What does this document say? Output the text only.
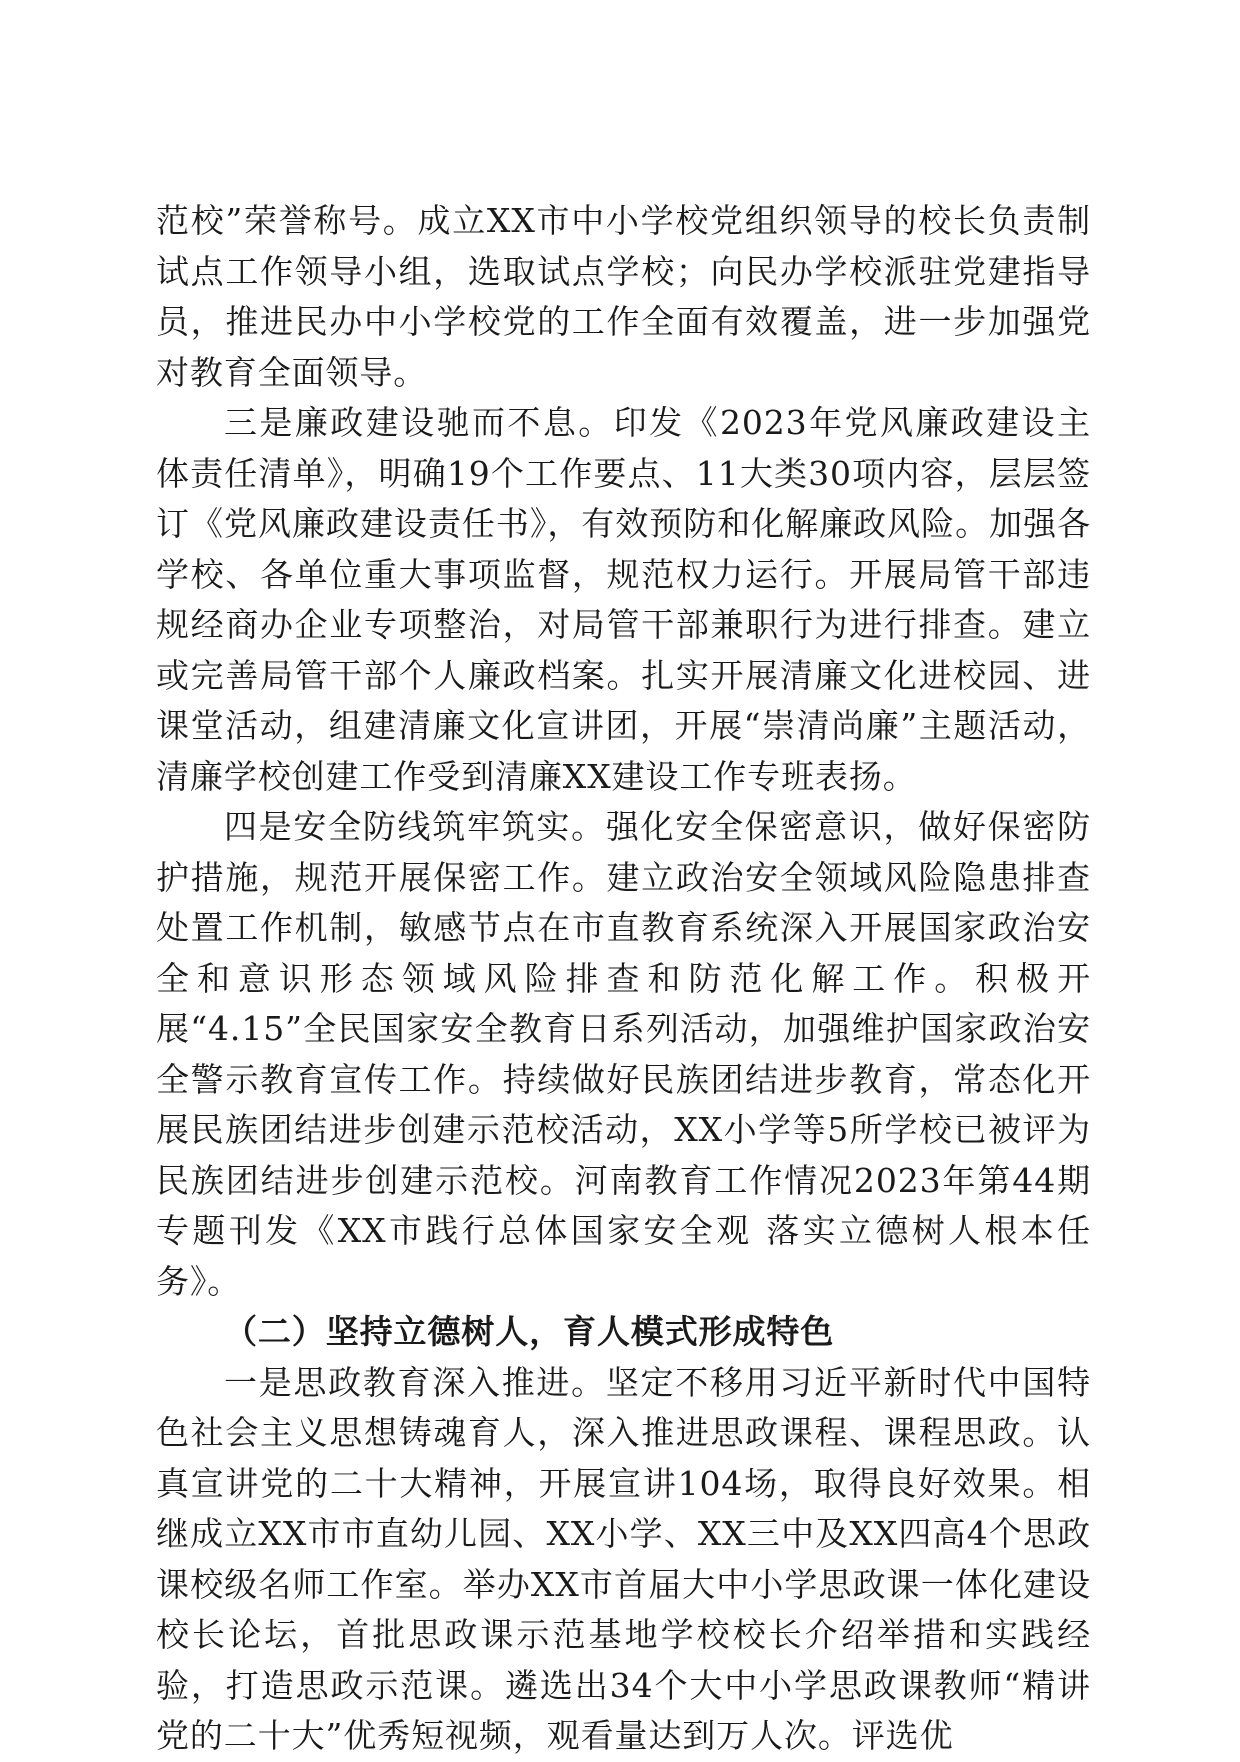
范校”荣誉称号。成立XX市中小学校党组织领导的校长负责制试点工作领导小组，选取试点学校；向民办学校派驻党建指导员，推进民办中小学校党的工作全面有效覆盖，进一步加强党对教育全面领导。

三是廉政建设驰而不息。印发《2023年党风廉政建设主体责任清单》，明确19个工作要点、11大类30项内容，层层签订《党风廉政建设责任书》，有效预防和化解廉政风险。加强各学校、各单位重大事项监督，规范权力运行。开展局管干部违规经商办企业专项整治，对局管干部兼职行为进行排查。建立或完善局管干部个人廉政档案。扎实开展清廉文化进校园、进课堂活动，组建清廉文化宣讲团，开展“崇清尚廉”主题活动，清廉学校创建工作受到清廉XX建设工作专班表扬。

四是安全防线筑牢筑实。强化安全保密意识，做好保密防护措施，规范开展保密工作。建立政治安全领域风险隐患排查处置工作机制，敏感节点在市直教育系统深入开展国家政治安全和意识形态领域风险排查和防范化解工作。积极开展“4.15”全民国家安全教育日系列活动，加强维护国家政治安全警示教育宣传工作。持续做好民族团结进步教育，常态化开展民族团结进步创建示范校活动，XX小学等5所学校已被评为民族团结进步创建示范校。河南教育工作情况2023年第44期专题刊发《XX市践行总体国家安全观 落实立德树人根本任务》。

（二）坚持立德树人，育人模式形成特色

一是思政教育深入推进。坚定不移用习近平新时代中国特色社会主义思想铸魂育人，深入推进思政课程、课程思政。认真宣讲党的二十大精神，开展宣讲104场，取得良好效果。相继成立XX市市直幼儿园、XX小学、XX三中及XX四高4个思政课校级名师工作室。举办XX市首届大中小学思政课一体化建设校长论坛，首批思政课示范基地学校校长介绍举措和实践经验，打造思政示范课。遴选出34个大中小学思政课教师“精讲党的二十大”优秀短视频，观看量达到万人次。评选优
